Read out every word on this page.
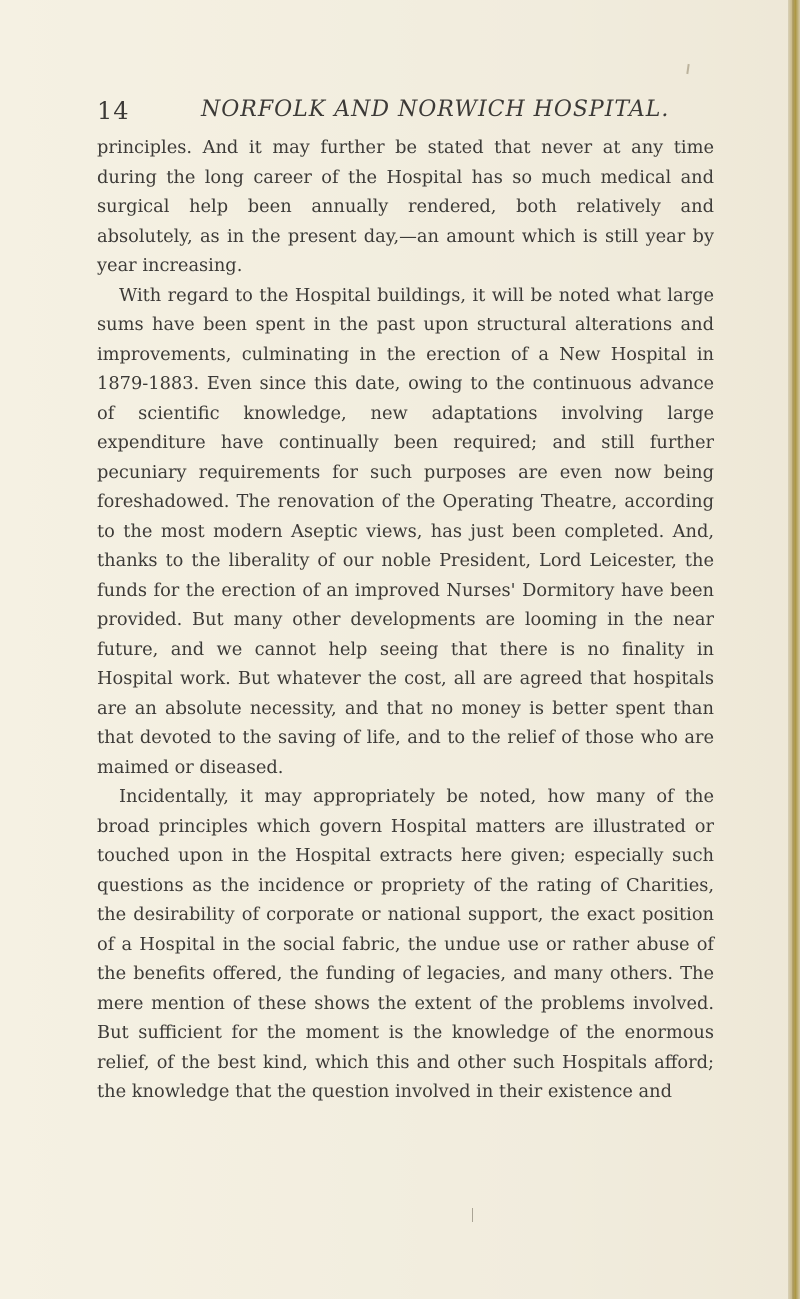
14	NORFOLK AND NORWICH HOSPITAL.

principles. And it may further be stated that never at any time during the long career of the Hospital has so much medical and surgical help been annually rendered, both relatively and absolutely, as in the present day,—an amount which is still year by year increasing.

With regard to the Hospital buildings, it will be noted what large sums have been spent in the past upon structural alterations and improvements, culminating in the erection of a New Hospital in 1879-1883. Even since this date, owing to the continuous advance of scientific knowledge, new adaptations involving large expenditure have continually been required; and still further pecuniary requirements for such purposes are even now being foreshadowed. The renovation of the Operating Theatre, according to the most modern Aseptic views, has just been completed. And, thanks to the liberality of our noble President, Lord Leicester, the funds for the erection of an improved Nurses' Dormitory have been provided. But many other developments are looming in the near future, and we cannot help seeing that there is no finality in Hospital work. But whatever the cost, all are agreed that hospitals are an absolute necessity, and that no money is better spent than that devoted to the saving of life, and to the relief of those who are maimed or diseased.

Incidentally, it may appropriately be noted, how many of the broad principles which govern Hospital matters are illustrated or touched upon in the Hospital extracts here given; especially such questions as the incidence or propriety of the rating of Charities, the desirability of corporate or national support, the exact position of a Hospital in the social fabric, the undue use or rather abuse of the benefits offered, the funding of legacies, and many others. The mere mention of these shows the extent of the problems involved. But sufficient for the moment is the knowledge of the enormous relief, of the best kind, which this and other such Hospitals afford; the knowledge that the question involved in their existence and
